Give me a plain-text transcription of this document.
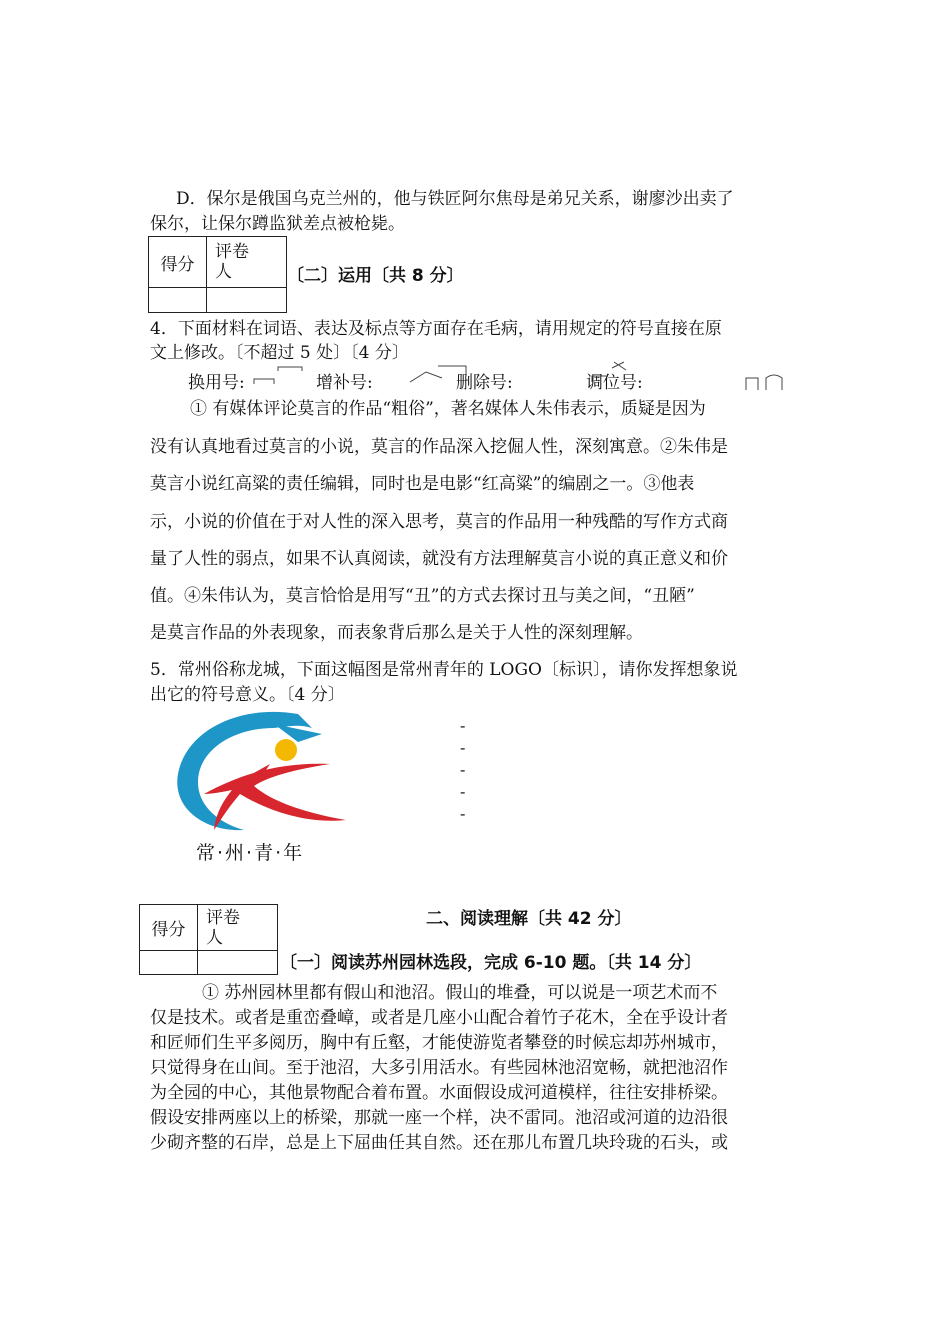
D．保尔是俄国乌克兰州的，他与铁匠阿尔焦母是弟兄关系，谢廖沙出卖了
保尔，让保尔蹲监狱差点被枪毙。
得分	评卷
人

		〔二〕运用〔共 8 分〕
4．下面材料在词语、表达及标点等方面存在毛病，请用规定的符号直接在原
文上修改。〔不超过 5 处〕〔4 分〕
换用号:	增补号:	删除号:	调位号:
① 有媒体评论莫言的作品“粗俗”，著名媒体人朱伟表示，质疑是因为
没有认真地看过莫言的小说，莫言的作品深入挖倔人性，深刻寓意。②朱伟是
莫言小说红高粱的责任编辑，同时也是电影“红高粱”的编剧之一。③他表
示，小说的价值在于对人性的深入思考，莫言的作品用一种残酷的写作方式商
量了人性的弱点，如果不认真阅读，就没有方法理解莫言小说的真正意义和价
值。④朱伟认为，莫言恰恰是用写“丑”的方式去探讨丑与美之间，“丑陋”
是莫言作品的外表现象，而表象背后那么是关于人性的深刻理解。
5．常州俗称龙城，下面这幅图是常州青年的 LOGO〔标识〕，请你发挥想象说
出它的符号意义。〔4 分〕
常·州·青·年
-
-
-
-
-
得分	评卷
人

二、阅读理解〔共 42 分〕
〔一〕阅读苏州园林选段，完成 6-10 题。〔共 14 分〕
① 苏州园林里都有假山和池沼。假山的堆叠，可以说是一项艺术而不
仅是技术。或者是重峦叠嶂，或者是几座小山配合着竹子花木，全在乎设计者
和匠师们生平多阅历，胸中有丘壑，才能使游览者攀登的时候忘却苏州城市，
只觉得身在山间。至于池沼，大多引用活水。有些园林池沼宽畅，就把池沼作
为全园的中心，其他景物配合着布置。水面假设成河道模样，往往安排桥梁。
假设安排两座以上的桥梁，那就一座一个样，决不雷同。池沼或河道的边沿很
少砌齐整的石岸，总是上下屈曲任其自然。还在那儿布置几块玲珑的石头，或
